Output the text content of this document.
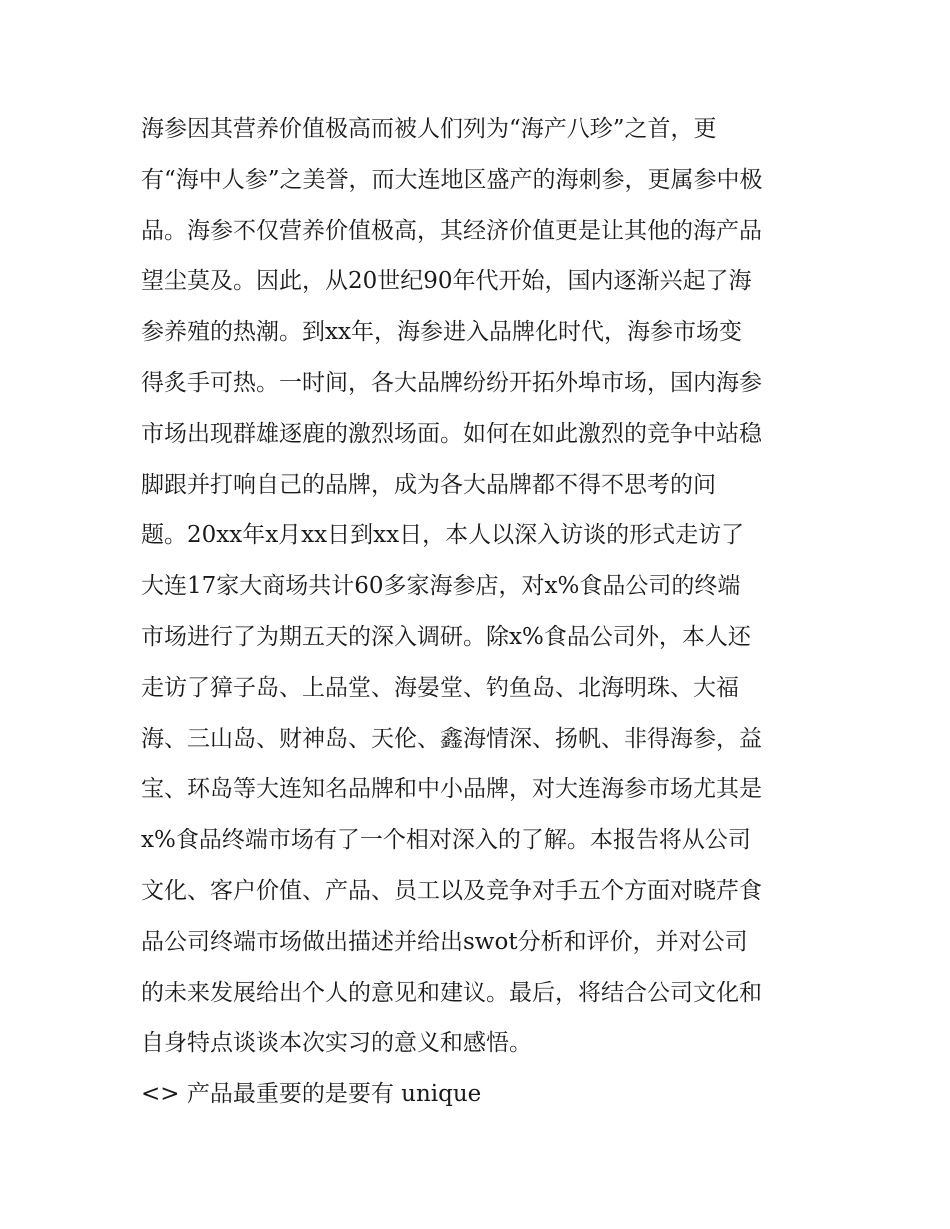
海参因其营养价值极高而被人们列为“海产八珍”之首，更
有“海中人参”之美誉，而大连地区盛产的海刺参，更属参中极
品。海参不仅营养价值极高，其经济价值更是让其他的海产品
望尘莫及。因此，从20世纪90年代开始，国内逐渐兴起了海
参养殖的热潮。到xx年，海参进入品牌化时代，海参市场变
得炙手可热。一时间，各大品牌纷纷开拓外埠市场，国内海参
市场出现群雄逐鹿的激烈场面。如何在如此激烈的竞争中站稳
脚跟并打响自己的品牌，成为各大品牌都不得不思考的问
题。20xx年x月xx日到xx日，本人以深入访谈的形式走访了
大连17家大商场共计60多家海参店，对x%食品公司的终端
市场进行了为期五天的深入调研。除x%食品公司外，本人还
走访了獐子岛、上品堂、海晏堂、钓鱼岛、北海明珠、大福
海、三山岛、财神岛、天伦、鑫海情深、扬帆、非得海参，益
宝、环岛等大连知名品牌和中小品牌，对大连海参市场尤其是
x%食品终端市场有了一个相对深入的了解。本报告将从公司
文化、客户价值、产品、员工以及竞争对手五个方面对晓芹食
品公司终端市场做出描述并给出swot分析和评价，并对公司
的未来发展给出个人的意见和建议。最后，将结合公司文化和
自身特点谈谈本次实习的意义和感悟。
<> 产品最重要的是要有 unique
